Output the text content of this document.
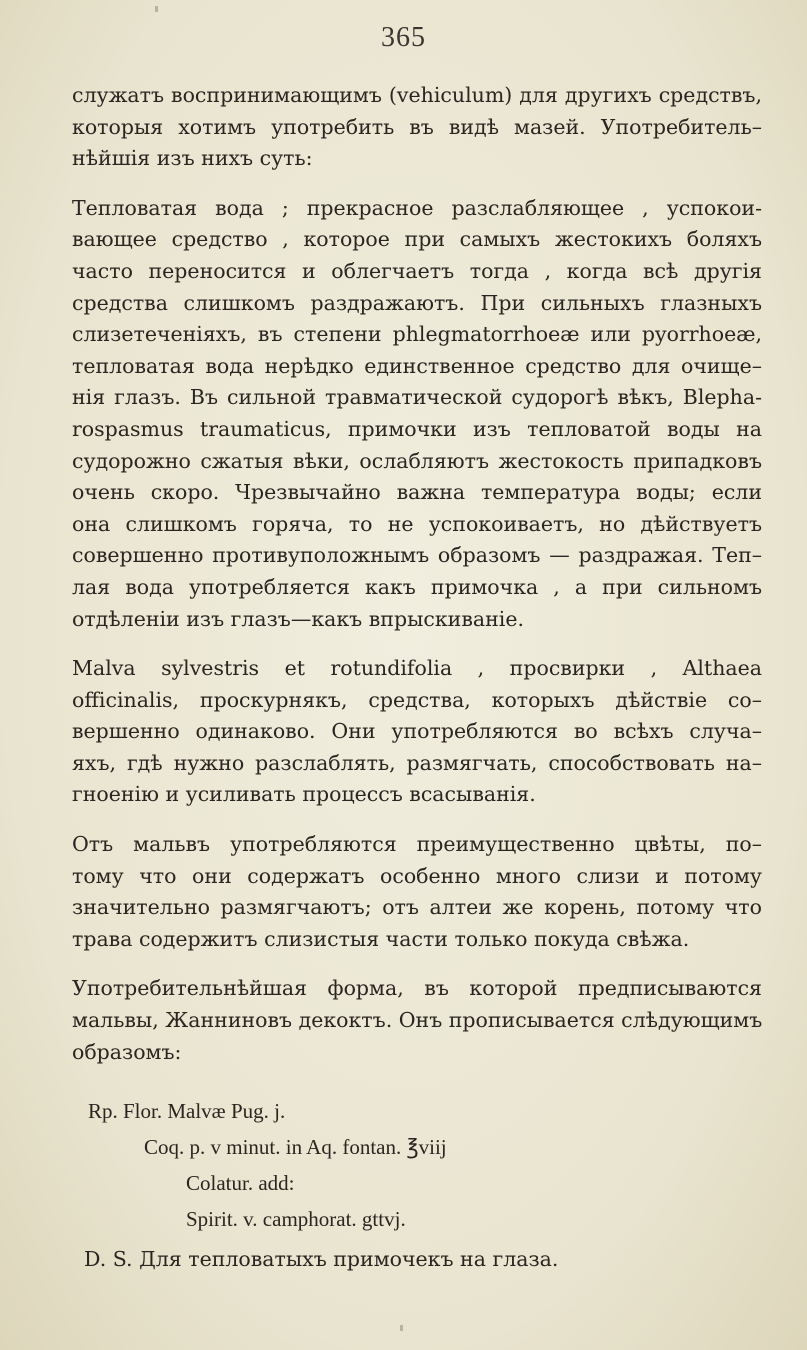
365

служатъ воспринимающимъ (vehiculum) для другихъ средствъ,
которыя хотимъ употребить въ видѣ мазей. Употребитель–
нѣйшія изъ нихъ суть:

Тепловатая вода ; прекрасное разслабляющее , успокои-
вающее средство , которое при самыхъ жестокихъ боляхъ
часто переносится и облегчаетъ тогда , когда всѣ другія
средства слишкомъ раздражаютъ. При сильныхъ глазныхъ
слизетеченіяхъ, въ степени phlegmatorrhoeæ или pyorrhoeæ,
тепловатая вода нерѣдко единственное средство для очище–
нія глазъ. Въ сильной травматической судорогѣ вѣкъ, Blepha-
rospasmus traumaticus, примочки изъ тепловатой воды на
судорожно сжатыя вѣки, ослабляютъ жестокость припадковъ
очень скоро. Чрезвычайно важна температура воды; если
она слишкомъ горяча, то не успокоиваетъ, но дѣйствуетъ
совершенно противуположнымъ образомъ — раздражая. Теп–
лая вода употребляется какъ примочка , а при сильномъ
отдѣленіи изъ глазъ—какъ впрыскиваніе.

Malva sylvestris et rotundifolia , просвирки , Althaea
officinalis, проскурнякъ, средства, которыхъ дѣйствіе со–
вершенно одинаково. Они употребляются во всѣхъ случа–
яхъ, гдѣ нужно разслаблять, размягчать, способствовать на–
гноенію и усиливать процессъ всасыванія.

Отъ мальвъ употребляются преимущественно цвѣты, по–
тому что они содержатъ особенно много слизи и потому
значительно размягчаютъ; отъ алтеи же корень, потому что
трава содержитъ слизистыя части только покуда свѣжа.

Употребительнѣйшая форма, въ которой предписываются
мальвы, Жанниновъ декоктъ. Онъ прописывается слѣдующимъ
образомъ:

Rp. Flor. Malvæ Pug. j.
Coq. p. v minut. in Aq. fontan. ℥viij
Colatur. add:
Spirit. v. camphorat. gttvj.
D. S. Для тепловатыхъ примочекъ на глаза.
